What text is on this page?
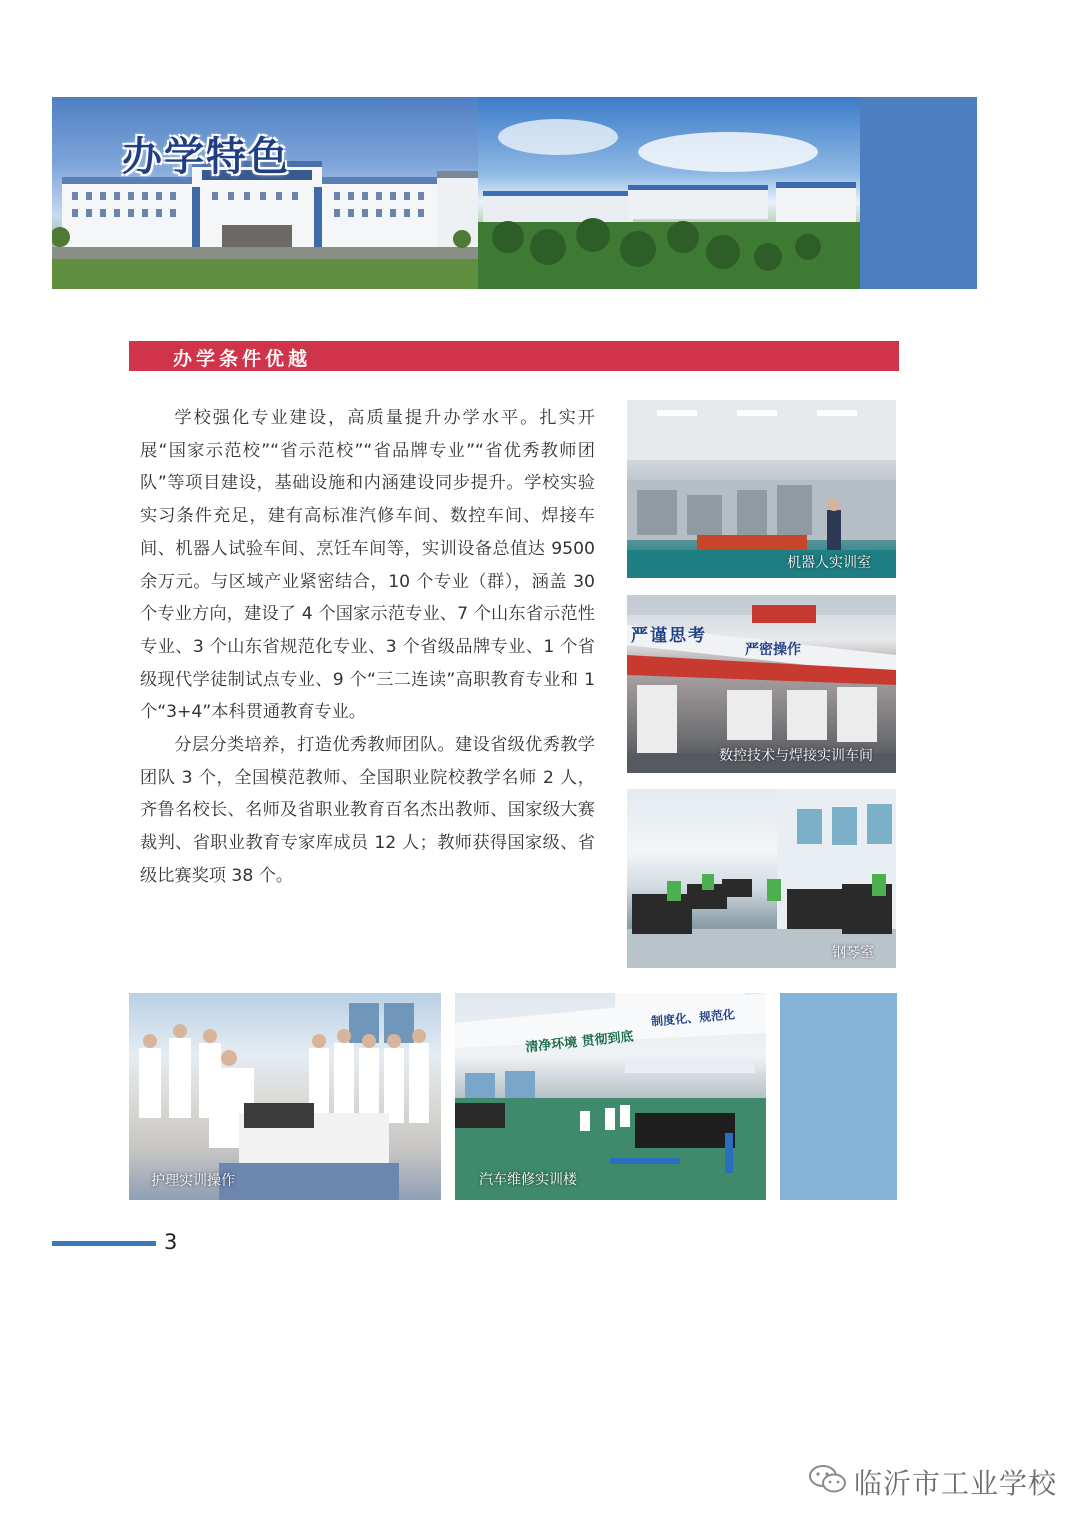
办学特色
办学条件优越

学校强化专业建设，高质量提升办学水平。扎实开展“国家示范校”“省示范校”“省品牌专业”“省优秀教师团队”等项目建设，基础设施和内涵建设同步提升。学校实验实习条件充足，建有高标准汽修车间、数控车间、焊接车间、机器人试验车间、烹饪车间等，实训设备总值达 9500 余万元。与区域产业紧密结合，10 个专业（群），涵盖 30 个专业方向，建设了 4 个国家示范专业、7 个山东省示范性专业、3 个山东省规范化专业、3 个省级品牌专业、1 个省级现代学徒制试点专业、9 个“三二连读”高职教育专业和 1 个“3+4”本科贯通教育专业。

分层分类培养，打造优秀教师团队。建设省级优秀教学团队 3 个，全国模范教师、全国职业院校教学名师 2 人，齐鲁名校长、名师及省职业教育百名杰出教师、国家级大赛裁判、省职业教育专家库成员 12 人；教师获得国家级、省级比赛奖项 38 个。

机器人实训室
严谨思考
严密操作
数控技术与焊接实训车间
钢琴室
护理实训操作
清净环境 贯彻到底
制度化、规范化
汽车维修实训楼
3
临沂市工业学校
